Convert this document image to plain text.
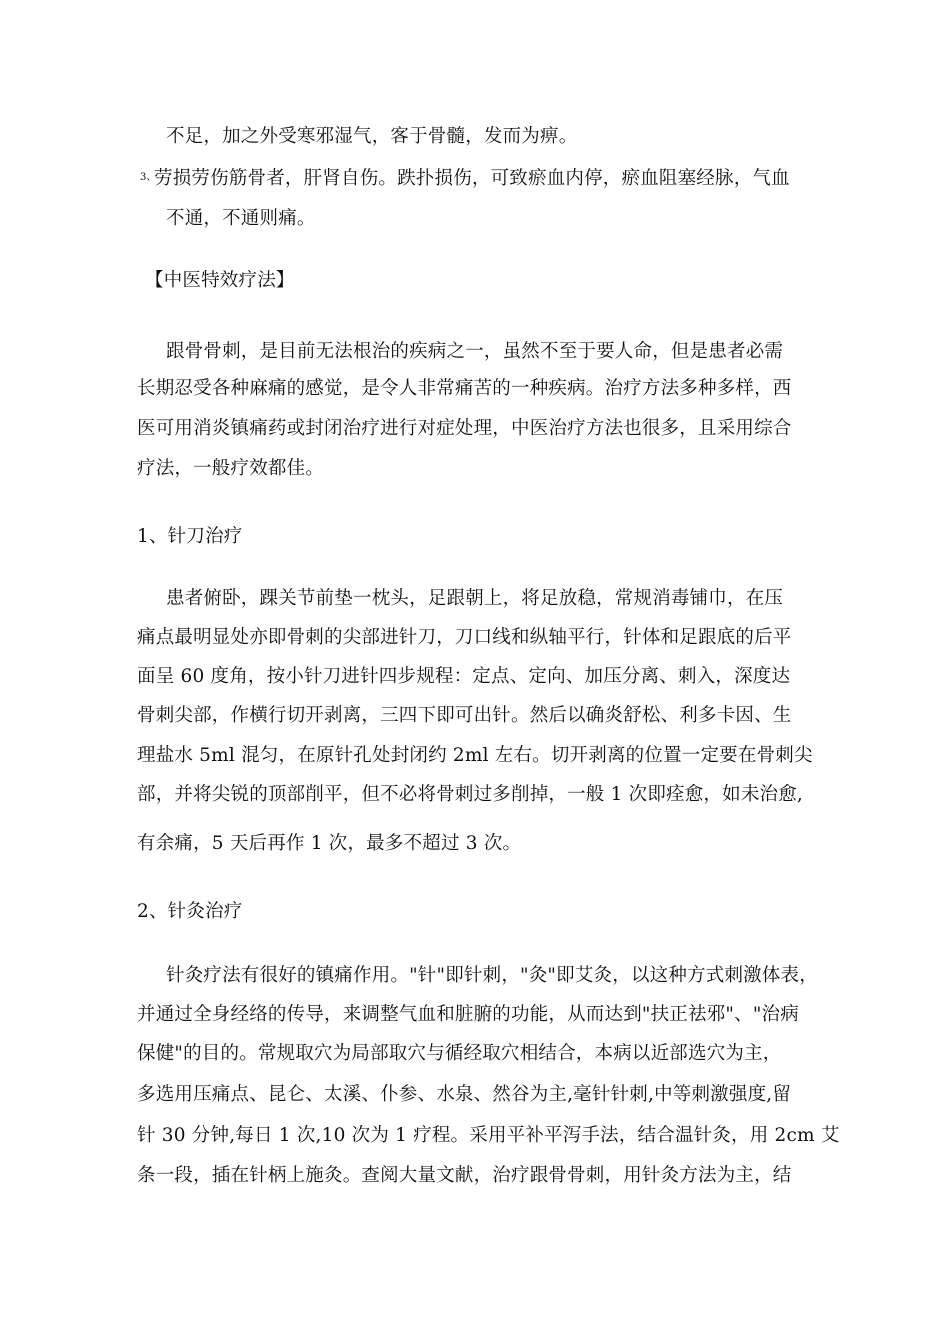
3、
不足，加之外受寒邪湿气，客于骨髓，发而为痹。
劳损劳伤筋骨者，肝肾自伤。跌扑损伤，可致瘀血内停，瘀血阻塞经脉，气血
不通，不通则痛。
【中医特效疗法】
跟骨骨刺，是目前无法根治的疾病之一，虽然不至于要人命，但是患者必需
长期忍受各种麻痛的感觉，是令人非常痛苦的一种疾病。治疗方法多种多样，西
医可用消炎镇痛药或封闭治疗进行对症处理，中医治疗方法也很多，且采用综合
疗法，一般疗效都佳。
1、针刀治疗
患者俯卧，踝关节前垫一枕头，足跟朝上，将足放稳，常规消毒铺巾，在压
痛点最明显处亦即骨刺的尖部进针刀，刀口线和纵轴平行，针体和足跟底的后平
面呈 60 度角，按小针刀进针四步规程：定点、定向、加压分离、刺入，深度达
骨刺尖部，作横行切开剥离，三四下即可出针。然后以确炎舒松、利多卡因、生
理盐水 5ml 混匀，在原针孔处封闭约 2ml 左右。切开剥离的位置一定要在骨刺尖
部，并将尖锐的顶部削平，但不必将骨刺过多削掉，一般 1 次即痊愈，如未治愈,
有余痛，5 天后再作 1 次，最多不超过 3 次。
2、针灸治疗
针灸疗法有很好的镇痛作用。"针"即针刺，"灸"即艾灸，以这种方式刺激体表，
并通过全身经络的传导，来调整气血和脏腑的功能，从而达到"扶正祛邪"、"治病
保健"的目的。常规取穴为局部取穴与循经取穴相结合，本病以近部选穴为主，
多选用压痛点、昆仑、太溪、仆参、水泉、然谷为主,毫针针刺,中等刺激强度,留
针 30 分钟,每日 1 次,10 次为 1 疗程。采用平补平泻手法，结合温针灸，用 2cm 艾
条一段，插在针柄上施灸。查阅大量文献，治疗跟骨骨刺，用针灸方法为主，结
